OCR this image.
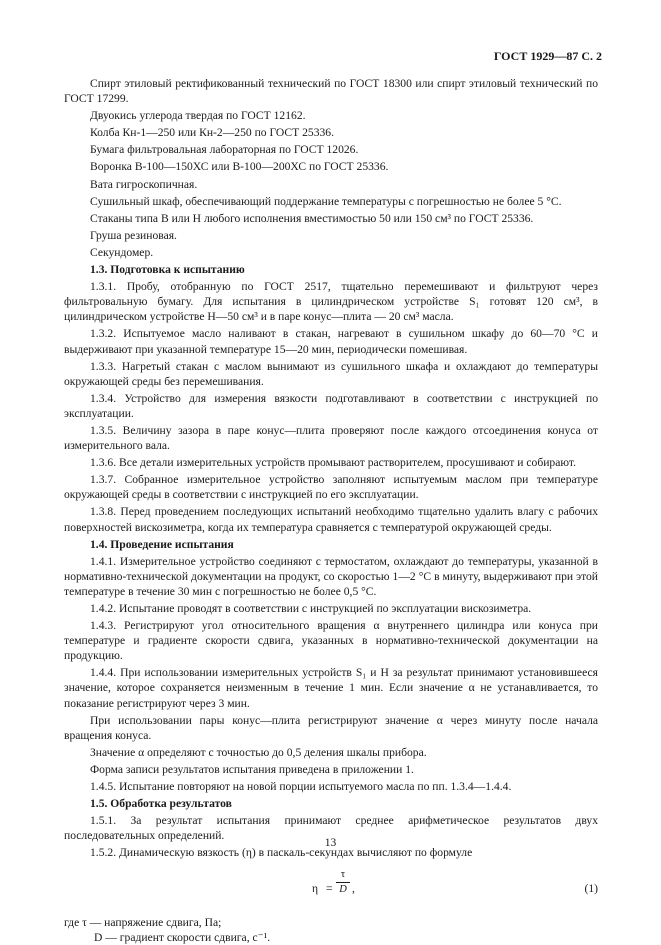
ГОСТ 1929—87 С. 2
Спирт этиловый ректификованный технический по ГОСТ 18300 или спирт этиловый технический по ГОСТ 17299.
Двуокись углерода твердая по ГОСТ 12162.
Колба Кн-1—250 или Кн-2—250 по ГОСТ 25336.
Бумага фильтровальная лабораторная по ГОСТ 12026.
Воронка В-100—150ХС или В-100—200ХС по ГОСТ 25336.
Вата гигроскопичная.
Сушильный шкаф, обеспечивающий поддержание температуры с погрешностью не более 5 °С.
Стаканы типа В или Н любого исполнения вместимостью 50 или 150 см³ по ГОСТ 25336.
Груша резиновая.
Секундомер.
1.3. Подготовка к испытанию
1.3.1. Пробу, отобранную по ГОСТ 2517, тщательно перемешивают и фильтруют через фильтровальную бумагу. Для испытания в цилиндрическом устройстве S₁ готовят 120 см³, в цилиндрическом устройстве Н—50 см³ и в паре конус—плита — 20 см³ масла.
1.3.2. Испытуемое масло наливают в стакан, нагревают в сушильном шкафу до 60—70 °С и выдерживают при указанной температуре 15—20 мин, периодически помешивая.
1.3.3. Нагретый стакан с маслом вынимают из сушильного шкафа и охлаждают до температуры окружающей среды без перемешивания.
1.3.4. Устройство для измерения вязкости подготавливают в соответствии с инструкцией по эксплуатации.
1.3.5. Величину зазора в паре конус—плита проверяют после каждого отсоединения конуса от измерительного вала.
1.3.6. Все детали измерительных устройств промывают растворителем, просушивают и собирают.
1.3.7. Собранное измерительное устройство заполняют испытуемым маслом при температуре окружающей среды в соответствии с инструкцией по его эксплуатации.
1.3.8. Перед проведением последующих испытаний необходимо тщательно удалить влагу с рабочих поверхностей вискозиметра, когда их температура сравняется с температурой окружающей среды.
1.4. Проведение испытания
1.4.1. Измерительное устройство соединяют с термостатом, охлаждают до температуры, указанной в нормативно-технической документации на продукт, со скоростью 1—2 °С в минуту, выдерживают при этой температуре в течение 30 мин с погрешностью не более 0,5 °С.
1.4.2. Испытание проводят в соответствии с инструкцией по эксплуатации вискозиметра.
1.4.3. Регистрируют угол относительного вращения α внутреннего цилиндра или конуса при температуре и градиенте скорости сдвига, указанных в нормативно-технической документации на продукцию.
1.4.4. При использовании измерительных устройств S₁ и Н за результат принимают установившееся значение, которое сохраняется неизменным в течение 1 мин. Если значение α не устанавливается, то показание регистрируют через 3 мин.
При использовании пары конус—плита регистрируют значение α через минуту после начала вращения конуса.
Значение α определяют с точностью до 0,5 деления шкалы прибора.
Форма записи результатов испытания приведена в приложении 1.
1.4.5. Испытание повторяют на новой порции испытуемого масла по пп. 1.3.4—1.4.4.
1.5. Обработка результатов
1.5.1. За результат испытания принимают среднее арифметическое результатов двух последовательных определений.
1.5.2. Динамическую вязкость (η) в паскаль-секундах вычисляют по формуле
η =
τ
D ,	(1)
где τ — напряжение сдвига, Па;
D — градиент скорости сдвига, с⁻¹.
13
